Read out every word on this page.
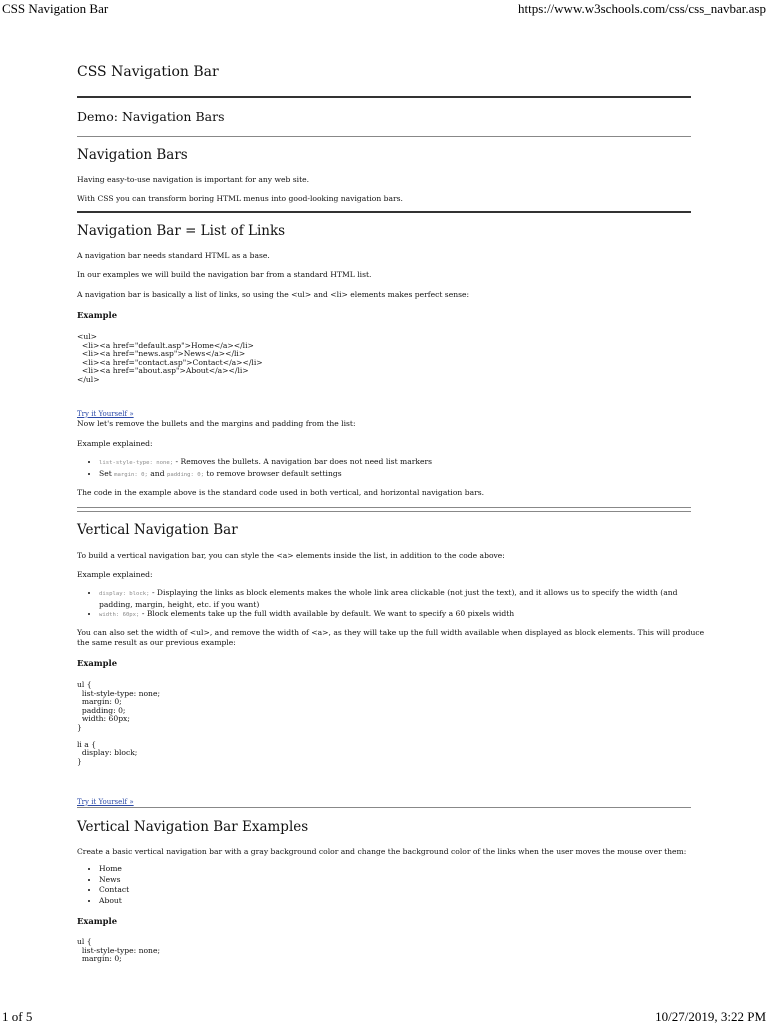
CSS Navigation Bar	https://www.w3schools.com/css/css_navbar.asp
CSS Navigation Bar
Demo: Navigation Bars
Navigation Bars
Having easy-to-use navigation is important for any web site.
With CSS you can transform boring HTML menus into good-looking navigation bars.
Navigation Bar = List of Links
A navigation bar needs standard HTML as a base.
In our examples we will build the navigation bar from a standard HTML list.
A navigation bar is basically a list of links, so using the <ul> and <li> elements makes perfect sense:
Example
<ul>
<li><a href="default.asp">Home</a></li>
<li><a href="news.asp">News</a></li>
<li><a href="contact.asp">Contact</a></li>
<li><a href="about.asp">About</a></li>
</ul>
Try it Yourself »
Now let's remove the bullets and the margins and padding from the list:
Example explained:
• list-style-type: none; - Removes the bullets. A navigation bar does not need list markers
• Set margin: 0; and padding: 0; to remove browser default settings
The code in the example above is the standard code used in both vertical, and horizontal navigation bars.
Vertical Navigation Bar
To build a vertical navigation bar, you can style the <a> elements inside the list, in addition to the code above:
Example explained:
• display: block; - Displaying the links as block elements makes the whole link area clickable (not just the text), and it allows us to specify the width (and
padding, margin, height, etc. if you want)
• width: 60px; - Block elements take up the full width available by default. We want to specify a 60 pixels width
You can also set the width of <ul>, and remove the width of <a>, as they will take up the full width available when displayed as block elements. This will produce
the same result as our previous example:
Example
ul {
list-style-type: none;
margin: 0;
padding: 0;
width: 60px;
}

li a {
display: block;
}
Try it Yourself »
Vertical Navigation Bar Examples
Create a basic vertical navigation bar with a gray background color and change the background color of the links when the user moves the mouse over them:
• Home
• News
• Contact
• About
Example
ul {
list-style-type: none;
margin: 0;
1 of 5	10/27/2019, 3:22 PM
